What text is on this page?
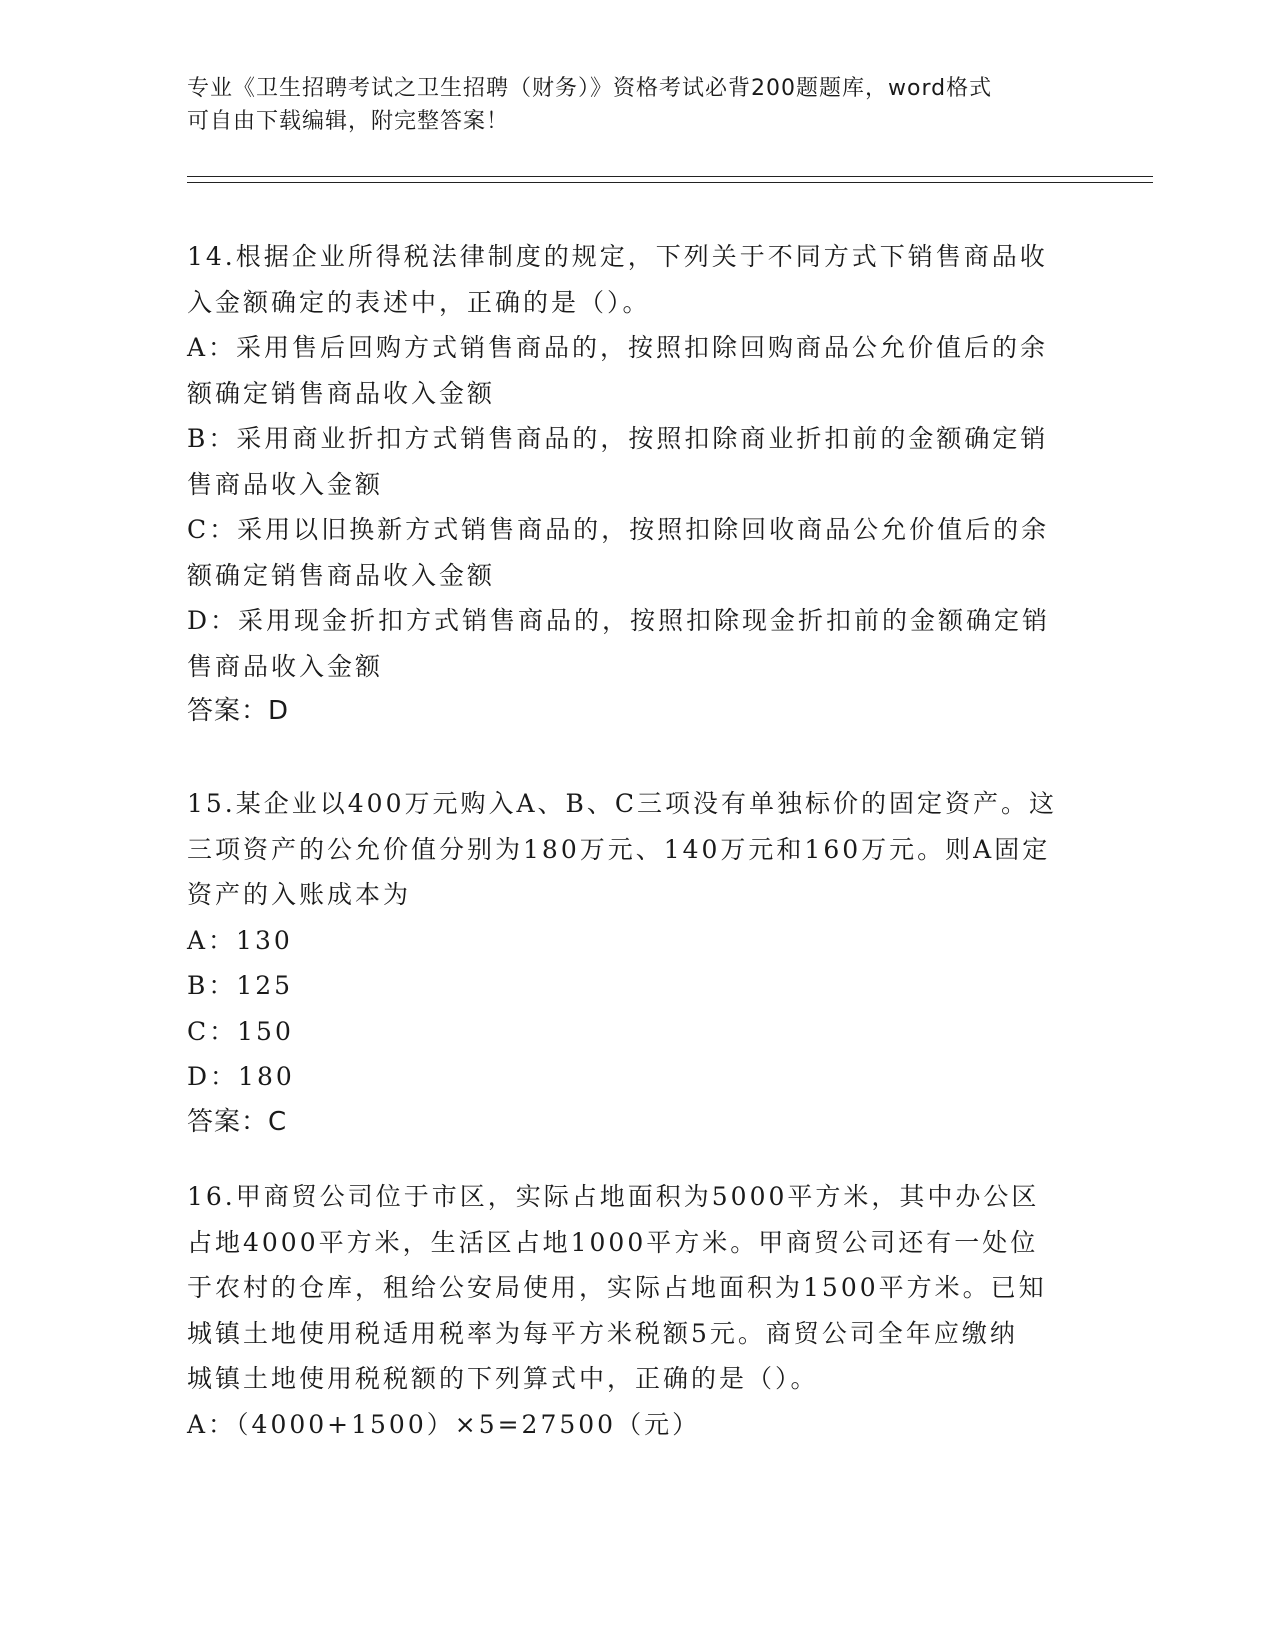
专业《卫生招聘考试之卫生招聘（财务）》资格考试必背200题题库，word格式
可自由下载编辑，附完整答案！
14.根据企业所得税法律制度的规定，下列关于不同方式下销售商品收
入金额确定的表述中，正确的是（）。
A：采用售后回购方式销售商品的，按照扣除回购商品公允价值后的余
额确定销售商品收入金额
B：采用商业折扣方式销售商品的，按照扣除商业折扣前的金额确定销
售商品收入金额
C：采用以旧换新方式销售商品的，按照扣除回收商品公允价值后的余
额确定销售商品收入金额
D：采用现金折扣方式销售商品的，按照扣除现金折扣前的金额确定销
售商品收入金额
答案：D
15.某企业以400万元购入A、B、C三项没有单独标价的固定资产。这
三项资产的公允价值分别为180万元、140万元和160万元。则A固定
资产的入账成本为
A：130
B：125
C：150
D：180
答案：C
16.甲商贸公司位于市区，实际占地面积为5000平方米，其中办公区
占地4000平方米，生活区占地1000平方米。甲商贸公司还有一处位
于农村的仓库，租给公安局使用，实际占地面积为1500平方米。已知
城镇土地使用税适用税率为每平方米税额5元。商贸公司全年应缴纳
城镇土地使用税税额的下列算式中，正确的是（）。
A：（4000+1500）×5=27500（元）
